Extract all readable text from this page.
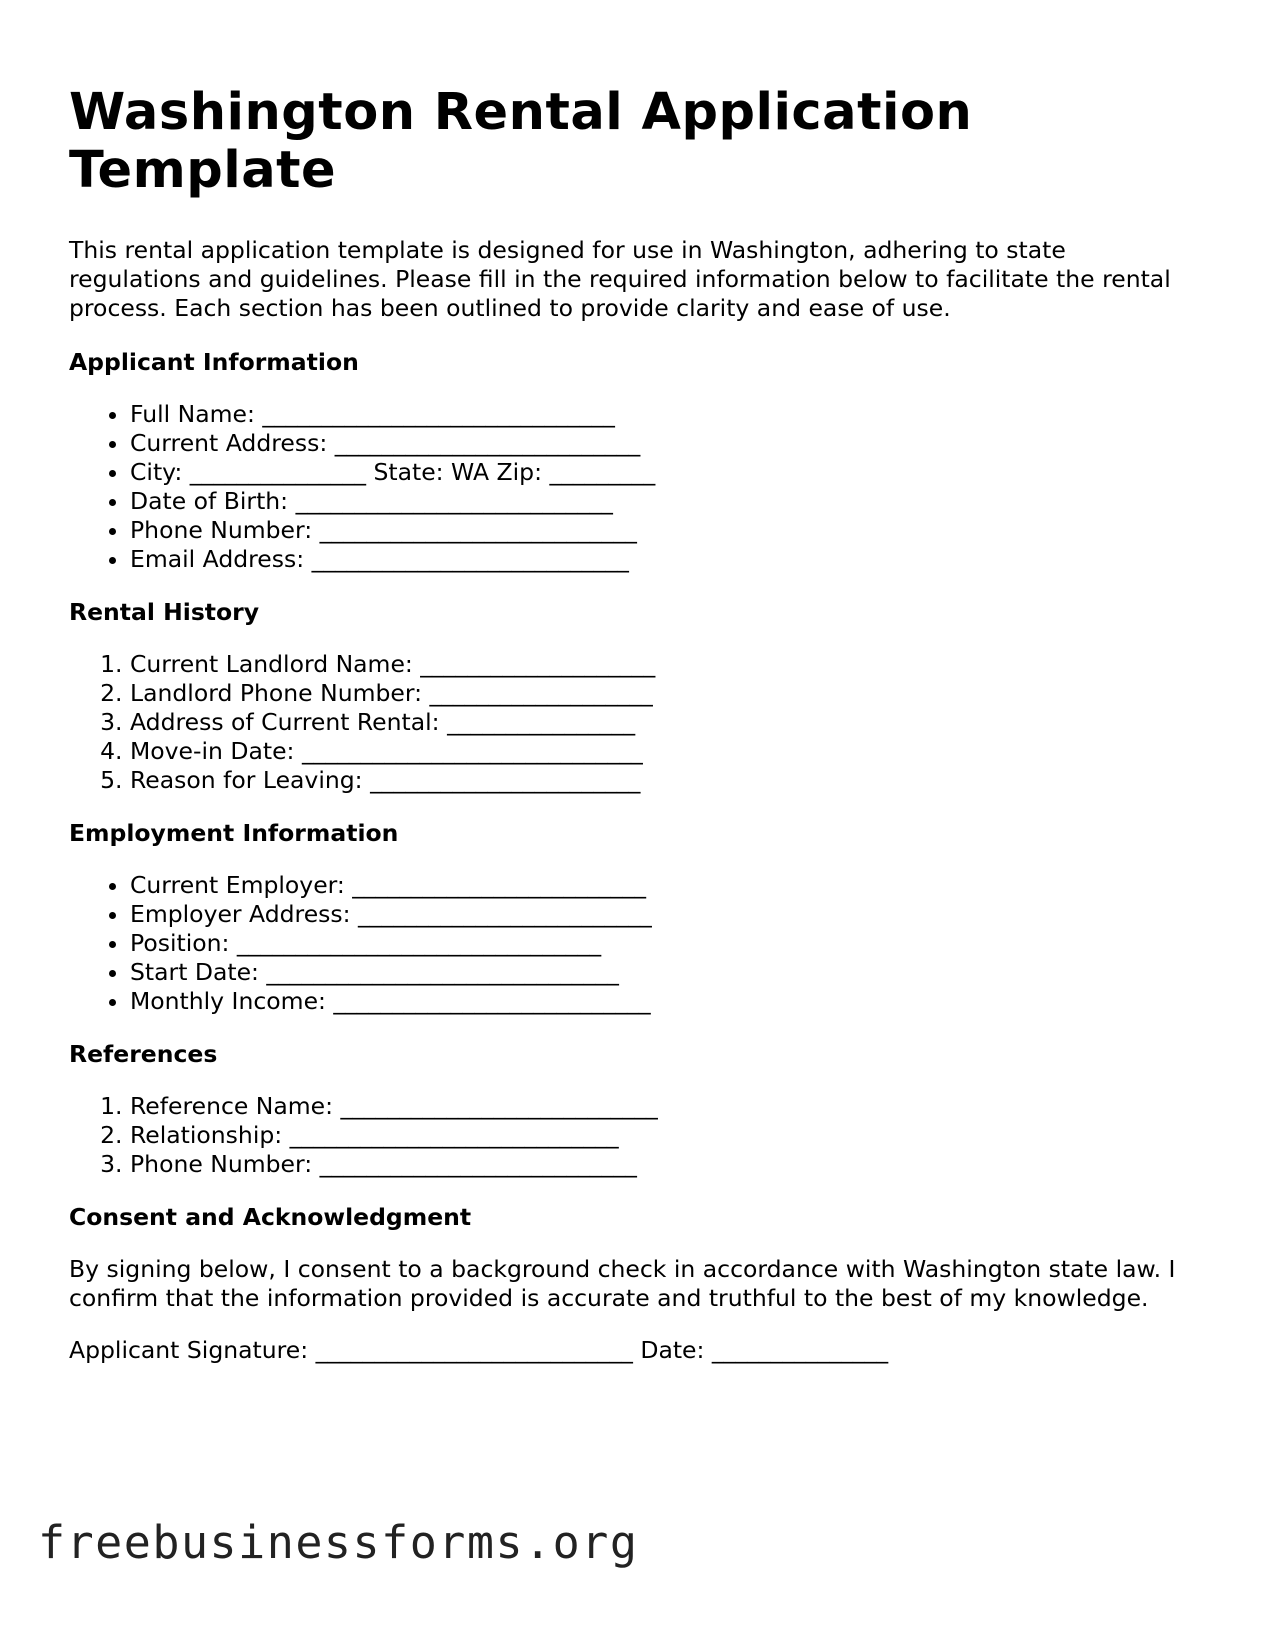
Washington Rental Application Template

This rental application template is designed for use in Washington, adhering to state regulations and guidelines. Please fill in the required information below to facilitate the rental process. Each section has been outlined to provide clarity and ease of use.

Applicant Information
• Full Name: ______________________________
• Current Address: __________________________
• City: _______________ State: WA Zip: _________
• Date of Birth: ___________________________
• Phone Number: ___________________________
• Email Address: ___________________________
Rental History
1. Current Landlord Name: ____________________
2. Landlord Phone Number: ___________________
3. Address of Current Rental: ________________
4. Move-in Date: _____________________________
5. Reason for Leaving: _______________________
Employment Information
• Current Employer: _________________________
• Employer Address: _________________________
• Position: _______________________________
• Start Date: ______________________________
• Monthly Income: ___________________________
References
1. Reference Name: ___________________________
2. Relationship: ____________________________
3. Phone Number: ___________________________
Consent and Acknowledgment

By signing below, I consent to a background check in accordance with Washington state law. I confirm that the information provided is accurate and truthful to the best of my knowledge.

Applicant Signature: ___________________________ Date: _______________
freebusinessforms.org
